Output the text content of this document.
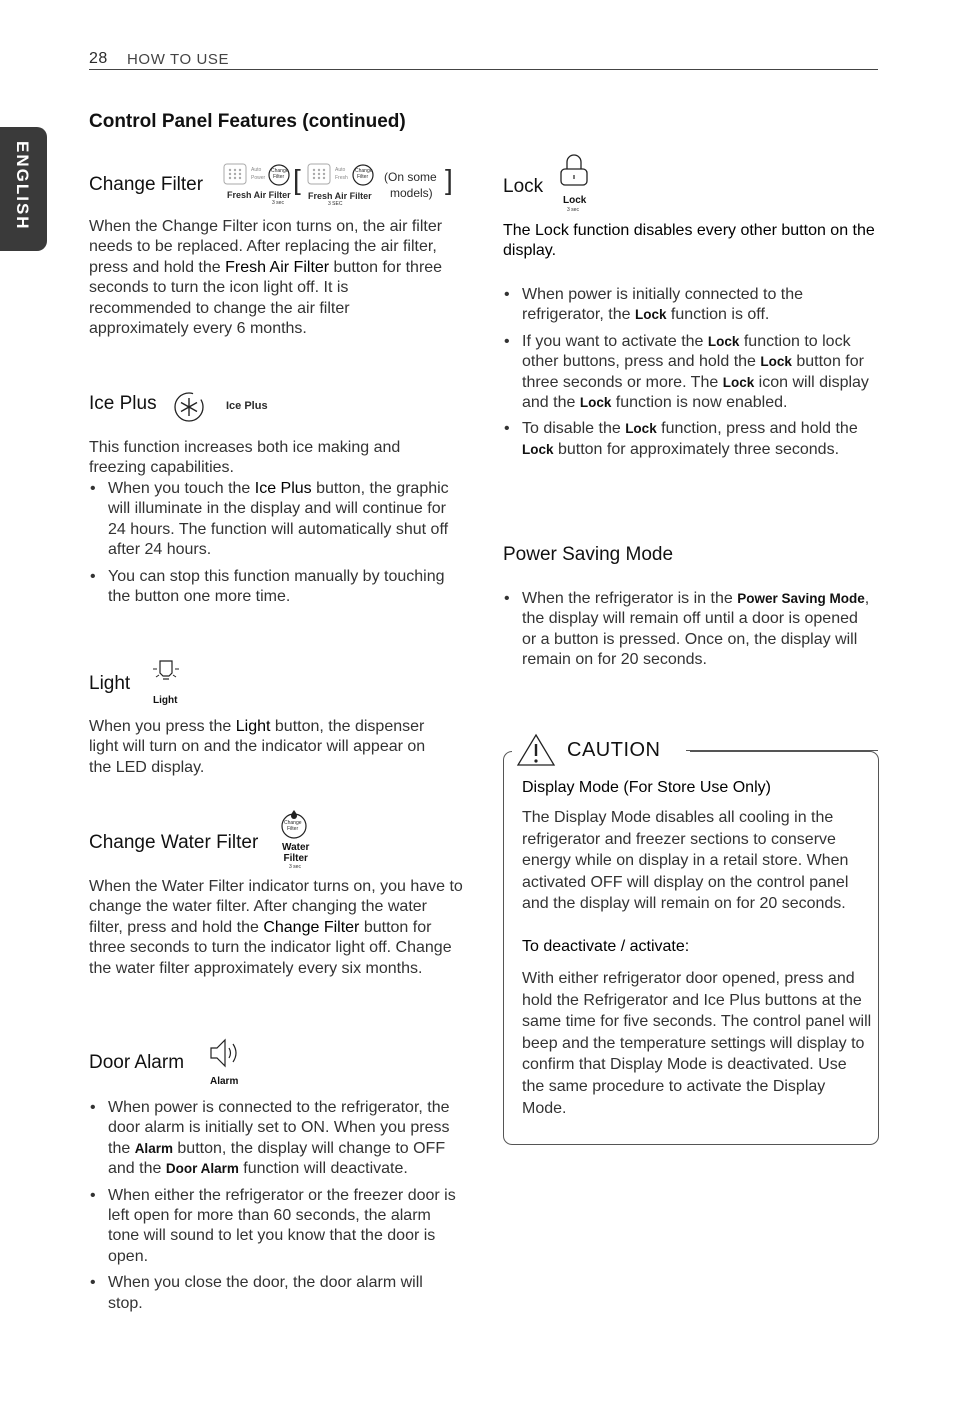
28 HOW TO USE
ENGLISH
Control Panel Features (continued)
Change Filter
Auto
Power
Change
Filter
Fresh Air Filter
3 sec
[	Auto
Fresh
Change
Filter
Fresh Air Filter
3 SEC
(On some
models) ]
When the Change Filter icon turns on, the air filter needs to be replaced. After replacing the air filter, press and hold the Fresh Air Filter button for three seconds to turn the icon light off. It is recommended to change the air filter approximately every 6 months.
Ice Plus	Ice Plus
This function increases both ice making and freezing capabilities.
• When you touch the Ice Plus button, the graphic will illuminate in the display and will continue for 24 hours. The function will automatically shut off after 24 hours.
• You can stop this function manually by touching the button one more time.
Light
Light
When you press the Light button, the dispenser light will turn on and the indicator will appear on the LED display.
Change Water Filter
Change
Filter
Water
Filter
3 sec
When the Water Filter indicator turns on, you have to change the water filter. After changing the water filter, press and hold the Change Filter button for three seconds to turn the indicator light off. Change the water filter approximately every six months.
Door Alarm
Alarm
• When power is connected to the refrigerator, the door alarm is initially set to ON. When you press the Alarm button, the display will change to OFF and the Door Alarm function will deactivate.
• When either the refrigerator or the freezer door is left open for more than 60 seconds, the alarm tone will sound to let you know that the door is open.
• When you close the door, the door alarm will stop.
Lock
Lock
3 sec
The Lock function disables every other button on the display.
• When power is initially connected to the refrigerator, the Lock function is off.
• If you want to activate the Lock function to lock other buttons, press and hold the Lock button for three seconds or more. The Lock icon will display and the Lock function is now enabled.
• To disable the Lock function, press and hold the Lock button for approximately three seconds.
Power Saving Mode
• When the refrigerator is in the Power Saving Mode, the display will remain off until a door is opened or a button is pressed. Once on, the display will remain on for 20 seconds.
CAUTION
Display Mode (For Store Use Only)
The Display Mode disables all cooling in the refrigerator and freezer sections to conserve energy while on display in a retail store. When activated OFF will display on the control panel and the display will remain on for 20 seconds.
To deactivate / activate:
With either refrigerator door opened, press and hold the Refrigerator and Ice Plus buttons at the same time for five seconds. The control panel will beep and the temperature settings will display to confirm that Display Mode is deactivated. Use the same procedure to activate the Display Mode.
